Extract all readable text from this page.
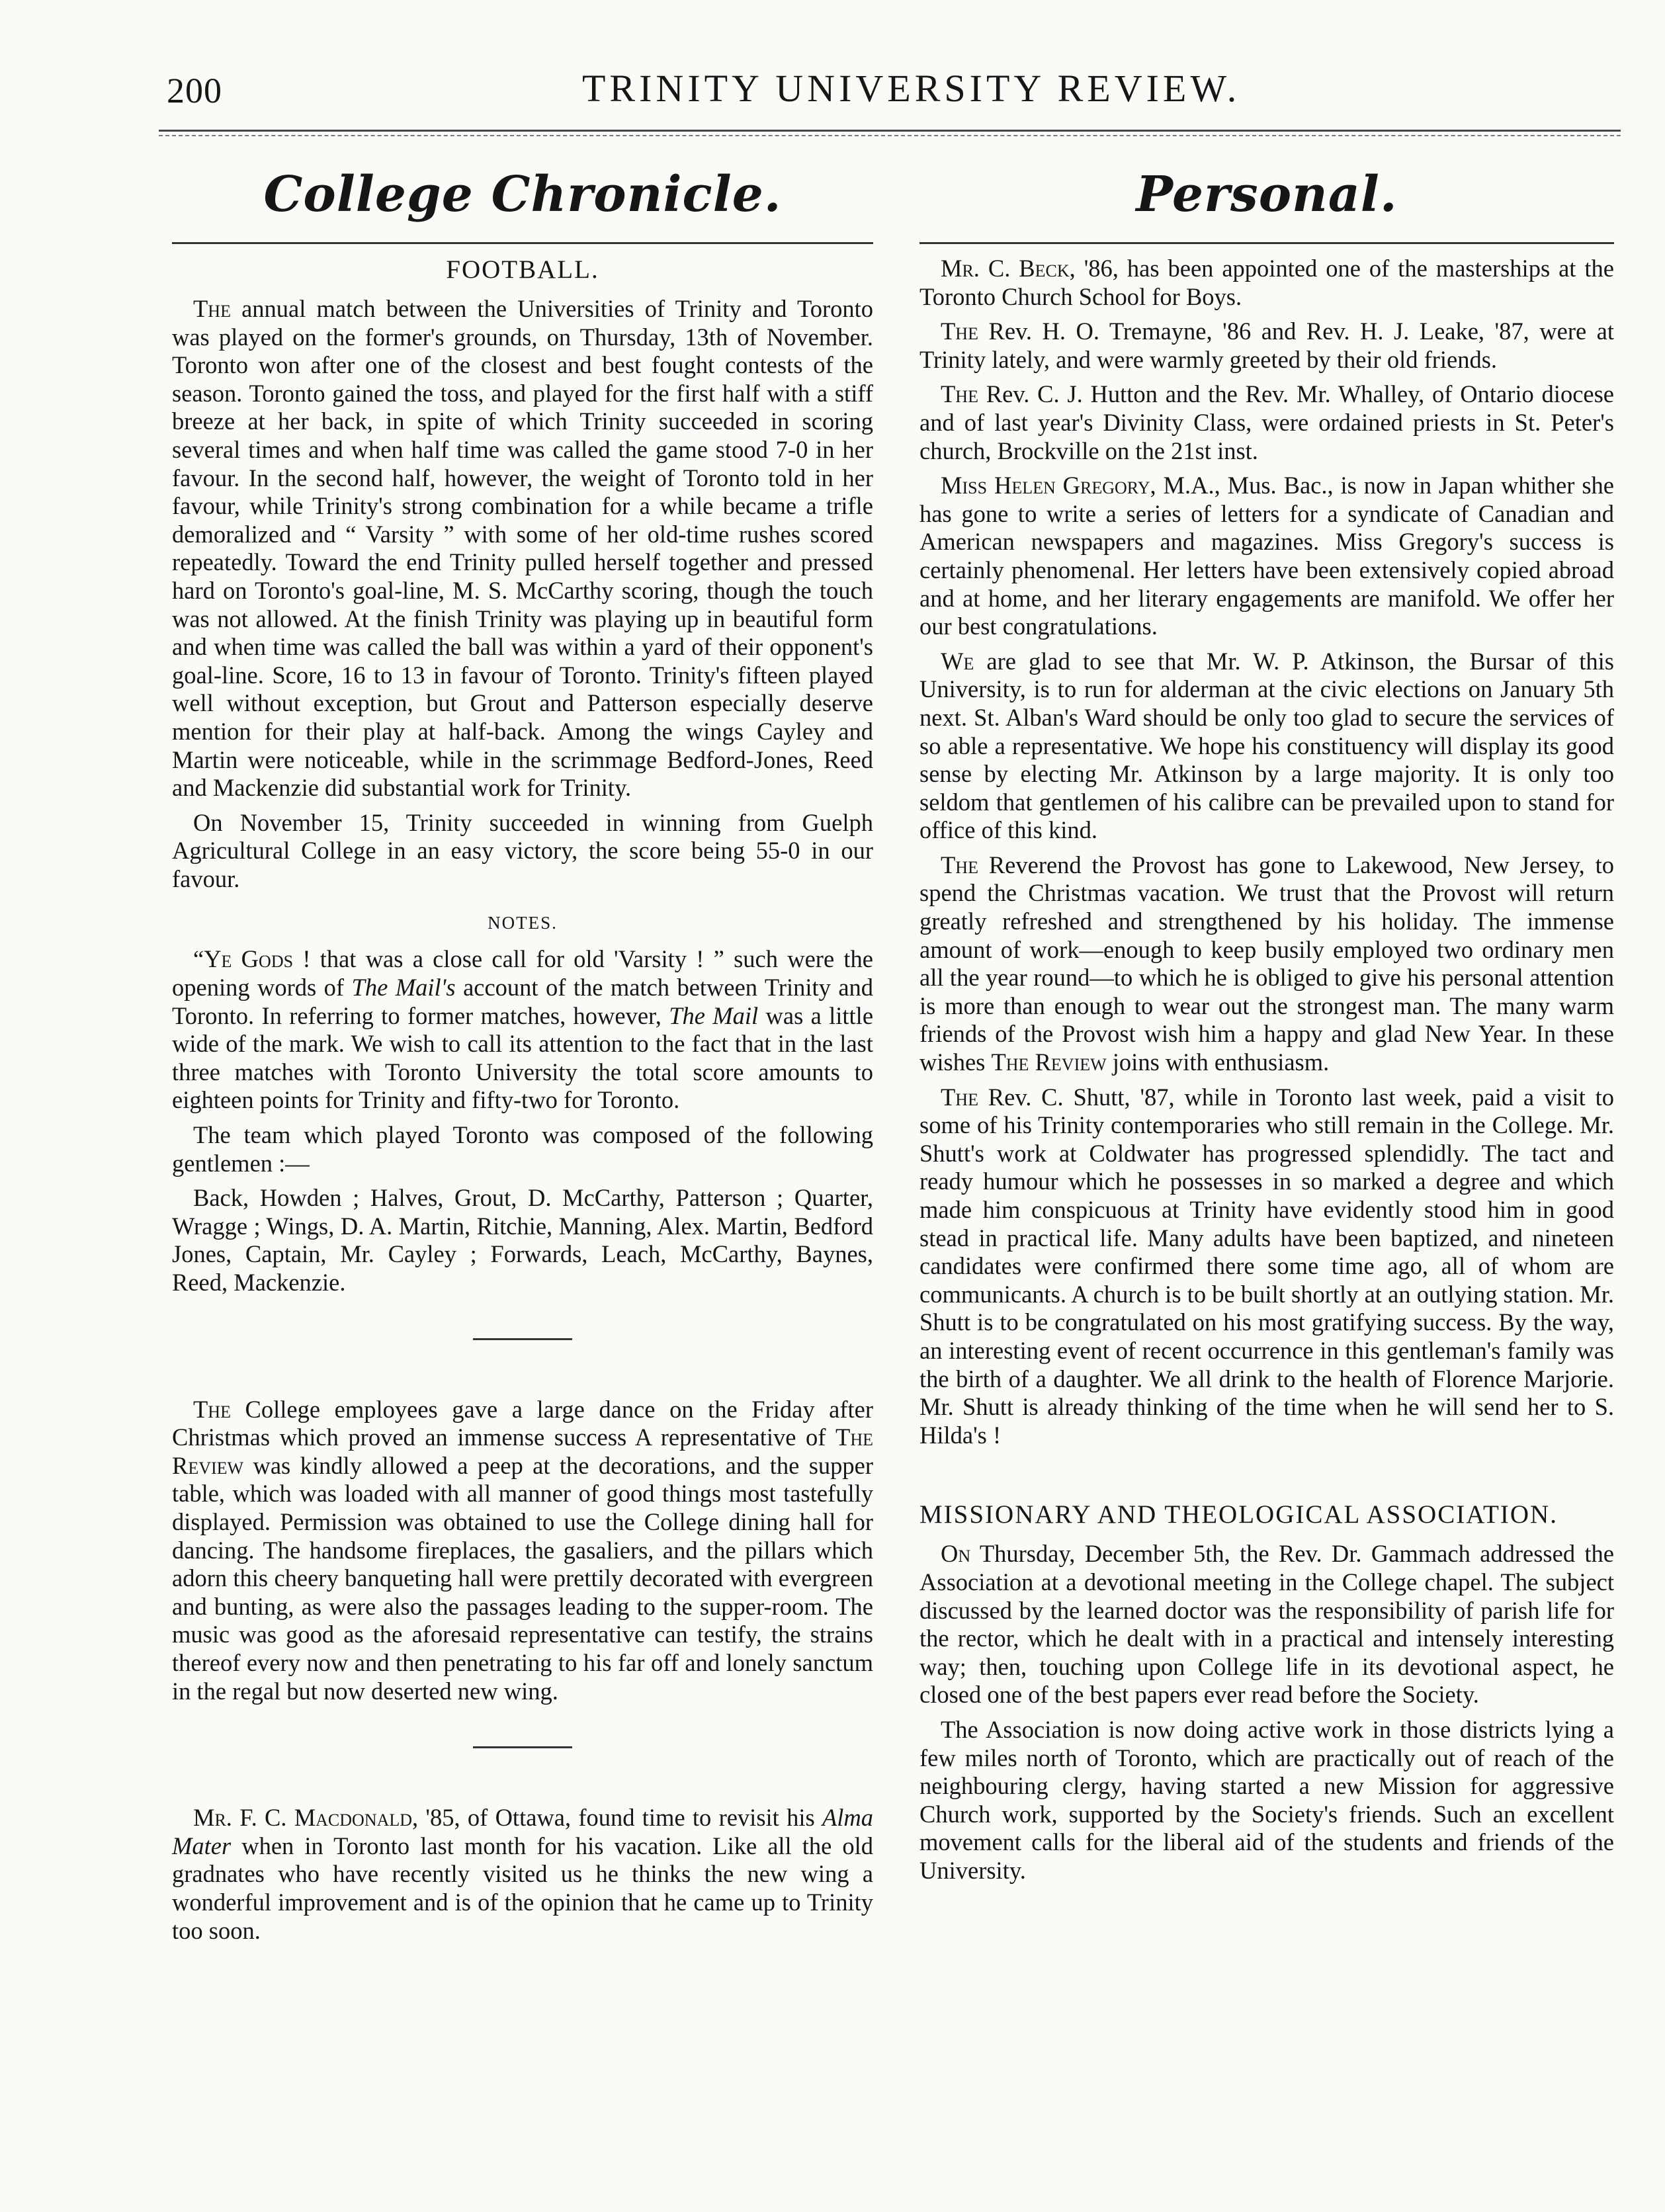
200	TRINITY UNIVERSITY REVIEW.
College Chronicle.
FOOTBALL.

The annual match between the Universities of Trinity and Toronto was played on the former's grounds, on Thursday, 13th of November. Toronto won after one of the closest and best fought contests of the season. Toronto gained the toss, and played for the first half with a stiff breeze at her back, in spite of which Trinity succeeded in scoring several times and when half time was called the game stood 7-0 in her favour. In the second half, however, the weight of Toronto told in her favour, while Trinity's strong combination for a while became a trifle demoralized and “ Varsity ” with some of her old-time rushes scored repeatedly. Toward the end Trinity pulled herself together and pressed hard on Toronto's goal-line, M. S. McCarthy scoring, though the touch was not allowed. At the finish Trinity was playing up in beautiful form and when time was called the ball was within a yard of their opponent's goal-line. Score, 16 to 13 in favour of Toronto. Trinity's fifteen played well without exception, but Grout and Patterson especially deserve mention for their play at half-back. Among the wings Cayley and Martin were noticeable, while in the scrimmage Bedford-Jones, Reed and Mackenzie did substantial work for Trinity.

On November 15, Trinity succeeded in winning from Guelph Agricultural College in an easy victory, the score being 55-0 in our favour.

NOTES.

“Ye Gods ! that was a close call for old 'Varsity ! ” such were the opening words of The Mail's account of the match between Trinity and Toronto. In referring to former matches, however, The Mail was a little wide of the mark. We wish to call its attention to the fact that in the last three matches with Toronto University the total score amounts to eighteen points for Trinity and fifty-two for Toronto.

The team which played Toronto was composed of the following gentlemen :—

Back, Howden ; Halves, Grout, D. McCarthy, Patterson ; Quarter, Wragge ; Wings, D. A. Martin, Ritchie, Manning, Alex. Martin, Bedford Jones, Captain, Mr. Cayley ; Forwards, Leach, McCarthy, Baynes, Reed, Mackenzie.

The College employees gave a large dance on the Friday after Christmas which proved an immense success A representative of The Review was kindly allowed a peep at the decorations, and the supper table, which was loaded with all manner of good things most tastefully displayed. Permission was obtained to use the College dining hall for dancing. The handsome fireplaces, the gasaliers, and the pillars which adorn this cheery banqueting hall were prettily decorated with evergreen and bunting, as were also the passages leading to the supper-room. The music was good as the aforesaid representative can testify, the strains thereof every now and then penetrating to his far off and lonely sanctum in the regal but now deserted new wing.

Mr. F. C. Macdonald, '85, of Ottawa, found time to revisit his Alma Mater when in Toronto last month for his vacation. Like all the old gradnates who have recently visited us he thinks the new wing a wonderful improvement and is of the opinion that he came up to Trinity too soon.

Personal.

Mr. C. Beck, '86, has been appointed one of the masterships at the Toronto Church School for Boys.

The Rev. H. O. Tremayne, '86 and Rev. H. J. Leake, '87, were at Trinity lately, and were warmly greeted by their old friends.

The Rev. C. J. Hutton and the Rev. Mr. Whalley, of Ontario diocese and of last year's Divinity Class, were ordained priests in St. Peter's church, Brockville on the 21st inst.

Miss Helen Gregory, M.A., Mus. Bac., is now in Japan whither she has gone to write a series of letters for a syndicate of Canadian and American newspapers and magazines. Miss Gregory's success is certainly phenomenal. Her letters have been extensively copied abroad and at home, and her literary engagements are manifold. We offer her our best congratulations.

We are glad to see that Mr. W. P. Atkinson, the Bursar of this University, is to run for alderman at the civic elections on January 5th next. St. Alban's Ward should be only too glad to secure the services of so able a representative. We hope his constituency will display its good sense by electing Mr. Atkinson by a large majority. It is only too seldom that gentlemen of his calibre can be prevailed upon to stand for office of this kind.

The Reverend the Provost has gone to Lakewood, New Jersey, to spend the Christmas vacation. We trust that the Provost will return greatly refreshed and strengthened by his holiday. The immense amount of work—enough to keep busily employed two ordinary men all the year round—to which he is obliged to give his personal attention is more than enough to wear out the strongest man. The many warm friends of the Provost wish him a happy and glad New Year. In these wishes The Review joins with enthusiasm.

The Rev. C. Shutt, '87, while in Toronto last week, paid a visit to some of his Trinity contemporaries who still remain in the College. Mr. Shutt's work at Coldwater has progressed splendidly. The tact and ready humour which he possesses in so marked a degree and which made him conspicuous at Trinity have evidently stood him in good stead in practical life. Many adults have been baptized, and nineteen candidates were confirmed there some time ago, all of whom are communicants. A church is to be built shortly at an outlying station. Mr. Shutt is to be congratulated on his most gratifying success. By the way, an interesting event of recent occurrence in this gentleman's family was the birth of a daughter. We all drink to the health of Florence Marjorie. Mr. Shutt is already thinking of the time when he will send her to S. Hilda's !

MISSIONARY AND THEOLOGICAL ASSOCIATION.

On Thursday, December 5th, the Rev. Dr. Gammach addressed the Association at a devotional meeting in the College chapel. The subject discussed by the learned doctor was the responsibility of parish life for the rector, which he dealt with in a practical and intensely interesting way; then, touching upon College life in its devotional aspect, he closed one of the best papers ever read before the Society.

The Association is now doing active work in those districts lying a few miles north of Toronto, which are practically out of reach of the neighbouring clergy, having started a new Mission for aggressive Church work, supported by the Society's friends. Such an excellent movement calls for the liberal aid of the students and friends of the University.
